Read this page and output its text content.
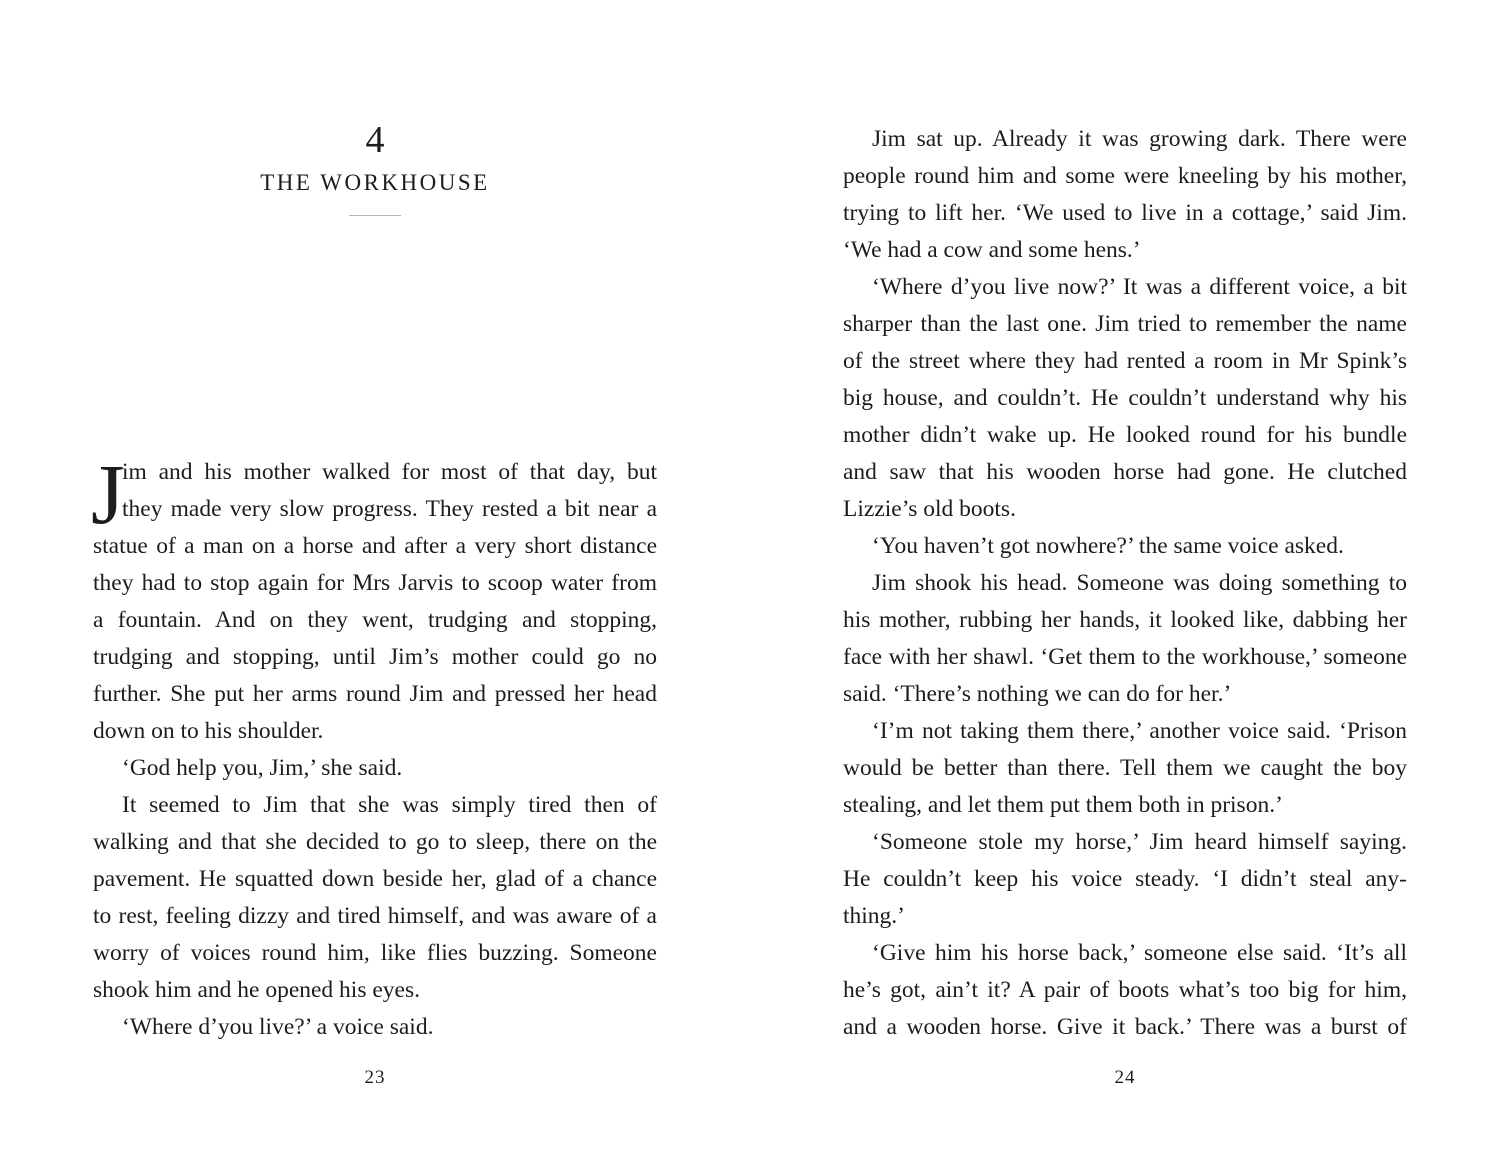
4
THE WORKHOUSE
J
im and his mother walked for most of that day, but
they made very slow progress. They rested a bit near a
statue of a man on a horse and after a very short distance
they had to stop again for Mrs Jarvis to scoop water from
a fountain. And on they went, trudging and stopping,
trudging and stopping, until Jim’s mother could go no
further. She put her arms round Jim and pressed her head
down on to his shoulder.
‘God help you, Jim,’ she said.
It seemed to Jim that she was simply tired then of
walking and that she decided to go to sleep, there on the
pavement. He squatted down beside her, glad of a chance
to rest, feeling dizzy and tired himself, and was aware of a
worry of voices round him, like flies buzzing. Someone
shook him and he opened his eyes.
‘Where d’you live?’ a voice said.
23
Jim sat up. Already it was growing dark. There were
people round him and some were kneeling by his mother,
trying to lift her. ‘We used to live in a cottage,’ said Jim.
‘We had a cow and some hens.’
‘Where d’you live now?’ It was a different voice, a bit
sharper than the last one. Jim tried to remember the name
of the street where they had rented a room in Mr Spink’s
big house, and couldn’t. He couldn’t understand why his
mother didn’t wake up. He looked round for his bundle
and saw that his wooden horse had gone. He clutched
Lizzie’s old boots.
‘You haven’t got nowhere?’ the same voice asked.
Jim shook his head. Someone was doing something to
his mother, rubbing her hands, it looked like, dabbing her
face with her shawl. ‘Get them to the workhouse,’ someone
said. ‘There’s nothing we can do for her.’
‘I’m not taking them there,’ another voice said. ‘Prison
would be better than there. Tell them we caught the boy
stealing, and let them put them both in prison.’
‘Someone stole my horse,’ Jim heard himself saying.
He couldn’t keep his voice steady. ‘I didn’t steal any-
thing.’
‘Give him his horse back,’ someone else said. ‘It’s all
he’s got, ain’t it? A pair of boots what’s too big for him,
and a wooden horse. Give it back.’ There was a burst of
24
